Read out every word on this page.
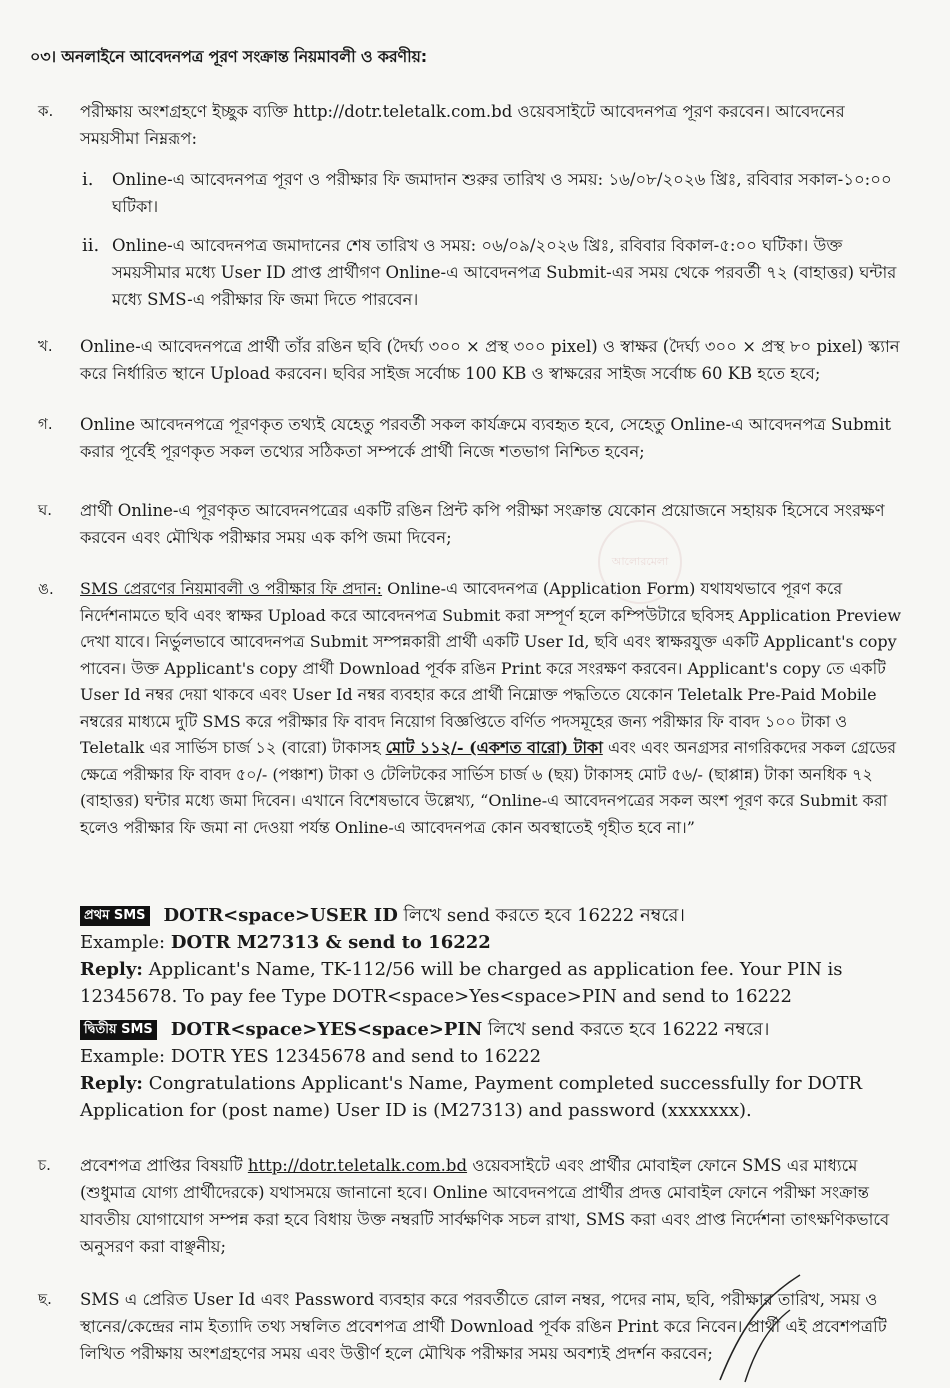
০৩। অনলাইনে আবেদনপত্র পূরণ সংক্রান্ত নিয়মাবলী ও করণীয়:
ক.	পরীক্ষায় অংশগ্রহণে ইচ্ছুক ব্যক্তি http://dotr.teletalk.com.bd ওয়েবসাইটে আবেদনপত্র পূরণ করবেন। আবেদনের সময়সীমা নিম্নরূপ:
i. Online-এ আবেদনপত্র পূরণ ও পরীক্ষার ফি জমাদান শুরুর তারিখ ও সময়: ১৬/০৮/২০২৬ খ্রিঃ, রবিবার সকাল-১০:০০ ঘটিকা।
ii. Online-এ আবেদনপত্র জমাদানের শেষ তারিখ ও সময়: ০৬/০৯/২০২৬ খ্রিঃ, রবিবার বিকাল-৫:০০ ঘটিকা। উক্ত সময়সীমার মধ্যে User ID প্রাপ্ত প্রার্থীগণ Online-এ আবেদনপত্র Submit-এর সময় থেকে পরবর্তী ৭২ (বাহাত্তর) ঘন্টার মধ্যে SMS-এ পরীক্ষার ফি জমা দিতে পারবেন।
খ.	Online-এ আবেদনপত্রে প্রার্থী তাঁর রঙিন ছবি (দৈর্ঘ্য ৩০০ × প্রস্থ ৩০০ pixel) ও স্বাক্ষর (দৈর্ঘ্য ৩০০ × প্রস্থ ৮০ pixel) স্ক্যান করে নির্ধারিত স্থানে Upload করবেন। ছবির সাইজ সর্বোচ্চ 100 KB ও স্বাক্ষরের সাইজ সর্বোচ্চ 60 KB হতে হবে;
গ.	Online আবেদনপত্রে পূরণকৃত তথ্যই যেহেতু পরবর্তী সকল কার্যক্রমে ব্যবহৃত হবে, সেহেতু Online-এ আবেদনপত্র Submit করার পূর্বেই পূরণকৃত সকল তথ্যের সঠিকতা সম্পর্কে প্রার্থী নিজে শতভাগ নিশ্চিত হবেন;
ঘ.	প্রার্থী Online-এ পূরণকৃত আবেদনপত্রের একটি রঙিন প্রিন্ট কপি পরীক্ষা সংক্রান্ত যেকোন প্রয়োজনে সহায়ক হিসেবে সংরক্ষণ করবেন এবং মৌখিক পরীক্ষার সময় এক কপি জমা দিবেন;
আলোরমেলা
ঙ.	SMS প্রেরণের নিয়মাবলী ও পরীক্ষার ফি প্রদান: Online-এ আবেদনপত্র (Application Form) যথাযথভাবে পূরণ করে নির্দেশনামতে ছবি এবং স্বাক্ষর Upload করে আবেদনপত্র Submit করা সম্পূর্ণ হলে কম্পিউটারে ছবিসহ Application Preview দেখা যাবে। নির্ভুলভাবে আবেদনপত্র Submit সম্পন্নকারী প্রার্থী একটি User Id, ছবি এবং স্বাক্ষরযুক্ত একটি Applicant's copy পাবেন। উক্ত Applicant's copy প্রার্থী Download পূর্বক রঙিন Print করে সংরক্ষণ করবেন। Applicant's copy তে একটি User Id নম্বর দেয়া থাকবে এবং User Id নম্বর ব্যবহার করে প্রার্থী নিম্নোক্ত পদ্ধতিতে যেকোন Teletalk Pre-Paid Mobile নম্বরের মাধ্যমে দুটি SMS করে পরীক্ষার ফি বাবদ নিয়োগ বিজ্ঞপ্তিতে বর্ণিত পদসমূহের জন্য পরীক্ষার ফি বাবদ ১০০ টাকা ও Teletalk এর সার্ভিস চার্জ ১২ (বারো) টাকাসহ মোট ১১২/- (একশত বারো) টাকা এবং এবং অনগ্রসর নাগরিকদের সকল গ্রেডের ক্ষেত্রে পরীক্ষার ফি বাবদ ৫০/- (পঞ্চাশ) টাকা ও টেলিটকের সার্ভিস চার্জ ৬ (ছয়) টাকাসহ মোট ৫৬/- (ছাপ্পান্ন) টাকা অনধিক ৭২ (বাহাত্তর) ঘন্টার মধ্যে জমা দিবেন। এখানে বিশেষভাবে উল্লেখ্য, “Online-এ আবেদনপত্রের সকল অংশ পূরণ করে Submit করা হলেও পরীক্ষার ফি জমা না দেওয়া পর্যন্ত Online-এ আবেদনপত্র কোন অবস্থাতেই গৃহীত হবে না।”
প্রথম SMS DOTR<space>USER ID লিখে send করতে হবে 16222 নম্বরে।
Example: DOTR M27313 & send to 16222
Reply: Applicant's Name, TK-112/56 will be charged as application fee. Your PIN is 12345678. To pay fee Type DOTR<space>Yes<space>PIN and send to 16222
দ্বিতীয় SMS DOTR<space>YES<space>PIN লিখে send করতে হবে 16222 নম্বরে।
Example: DOTR YES 12345678 and send to 16222
Reply: Congratulations Applicant's Name, Payment completed successfully for DOTR Application for (post name) User ID is (M27313) and password (xxxxxxx).
চ.	প্রবেশপত্র প্রাপ্তির বিষয়টি http://dotr.teletalk.com.bd ওয়েবসাইটে এবং প্রার্থীর মোবাইল ফোনে SMS এর মাধ্যমে (শুধুমাত্র যোগ্য প্রার্থীদেরকে) যথাসময়ে জানানো হবে। Online আবেদনপত্রে প্রার্থীর প্রদত্ত মোবাইল ফোনে পরীক্ষা সংক্রান্ত যাবতীয় যোগাযোগ সম্পন্ন করা হবে বিধায় উক্ত নম্বরটি সার্বক্ষণিক সচল রাখা, SMS করা এবং প্রাপ্ত নির্দেশনা তাৎক্ষণিকভাবে অনুসরণ করা বাঞ্ছনীয়;
ছ.	SMS এ প্রেরিত User Id এবং Password ব্যবহার করে পরবর্তীতে রোল নম্বর, পদের নাম, ছবি, পরীক্ষার তারিখ, সময় ও স্থানের/কেন্দ্রের নাম ইত্যাদি তথ্য সম্বলিত প্রবেশপত্র প্রার্থী Download পূর্বক রঙিন Print করে নিবেন। প্রার্থী এই প্রবেশপত্রটি লিখিত পরীক্ষায় অংশগ্রহণের সময় এবং উত্তীর্ণ হলে মৌখিক পরীক্ষার সময় অবশ্যই প্রদর্শন করবেন;
